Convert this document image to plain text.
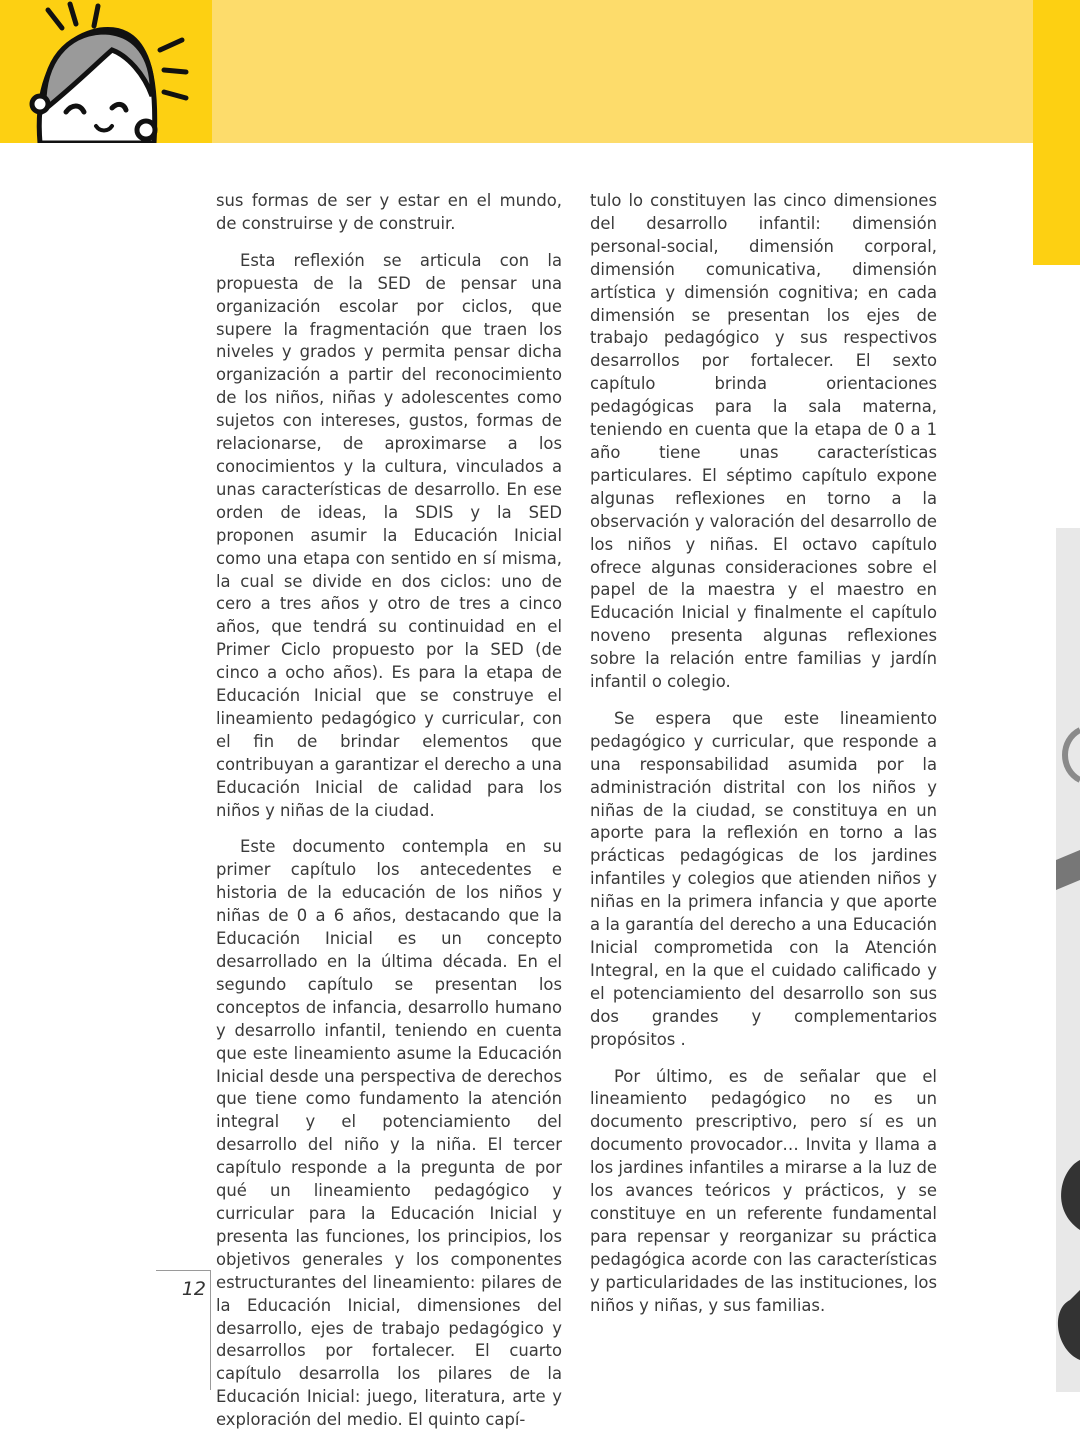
sus formas de ser y estar en el mundo, de construirse y de construir.

Esta reflexión se articula con la propuesta de la SED de pensar una organización escolar por ciclos, que supere la fragmentación que traen los niveles y grados y permita pensar dicha organización a partir del reconocimiento de los niños, niñas y adolescentes como sujetos con intereses, gustos, formas de relacionarse, de aproximarse a los conocimientos y la cultura, vinculados a unas características de desarrollo. En ese orden de ideas, la SDIS y la SED proponen asumir la Educación Inicial como una etapa con sentido en sí misma, la cual se divide en dos ciclos: uno de cero a tres años y otro de tres a cinco años, que tendrá su continuidad en el Primer Ciclo propuesto por la SED (de cinco a ocho años). Es para la etapa de Educación Inicial que se construye el lineamiento pedagógico y curricular, con el fin de brindar elementos que contribuyan a garantizar el derecho a una Educación Inicial de calidad para los niños y niñas de la ciudad.

Este documento contempla en su primer capítulo los antecedentes e historia de la educación de los niños y niñas de 0 a 6 años, destacando que la Educación Inicial es un concepto desarrollado en la última década. En el segundo capítulo se presentan los conceptos de infancia, desarrollo humano y desarrollo infantil, teniendo en cuenta que este lineamiento asume la Educación Inicial desde una perspectiva de derechos que tiene como fundamento la atención integral y el potenciamiento del desarrollo del niño y la niña. El tercer capítulo responde a la pregunta de por qué un lineamiento pedagógico y curricular para la Educación Inicial y presenta las funciones, los principios, los objetivos generales y los componentes estructurantes del lineamiento: pilares de la Educación Inicial, dimensiones del desarrollo, ejes de trabajo pedagógico y desarrollos por fortalecer. El cuarto capítulo desarrolla los pilares de la Educación Inicial: juego, literatura, arte y exploración del medio. El quinto capí-

tulo lo constituyen las cinco dimensiones del desarrollo infantil: dimensión personal-social, dimensión corporal, dimensión comunicativa, dimensión artística y dimensión cognitiva; en cada dimensión se presentan los ejes de trabajo pedagógico y sus respectivos desarrollos por fortalecer. El sexto capítulo brinda orientaciones pedagógicas para la sala materna, teniendo en cuenta que la etapa de 0 a 1 año tiene unas características particulares. El séptimo capítulo expone algunas reflexiones en torno a la observación y valoración del desarrollo de los niños y niñas. El octavo capítulo ofrece algunas consideraciones sobre el papel de la maestra y el maestro en Educación Inicial y finalmente el capítulo noveno presenta algunas reflexiones sobre la relación entre familias y jardín infantil o colegio.

Se espera que este lineamiento pedagógico y curricular, que responde a una responsabilidad asumida por la administración distrital con los niños y niñas de la ciudad, se constituya en un aporte para la reflexión en torno a las prácticas pedagógicas de los jardines infantiles y colegios que atienden niños y niñas en la primera infancia y que aporte a la garantía del derecho a una Educación Inicial comprometida con la Atención Integral, en la que el cuidado calificado y el potenciamiento del desarrollo son sus dos grandes y complementarios propósitos .

Por último, es de señalar que el lineamiento pedagógico no es un documento prescriptivo, pero sí es un documento provocador… Invita y llama a los jardines infantiles a mirarse a la luz de los avances teóricos y prácticos, y se constituye en un referente fundamental para repensar y reorganizar su práctica pedagógica acorde con las características y particularidades de las instituciones, los niños y niñas, y sus familias.

12
